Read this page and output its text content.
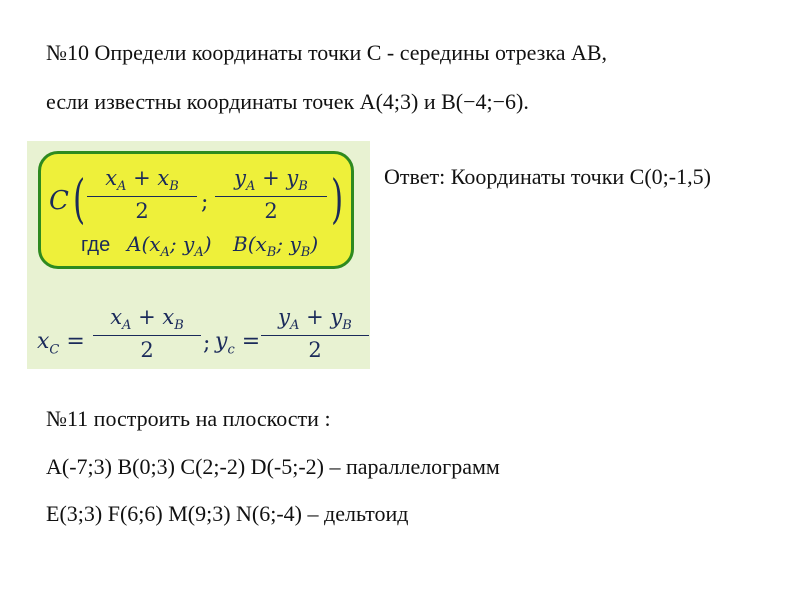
№10 Определи координаты точки С - середины отрезка АВ,
если известны координаты точек А(4;3) и В(−4;−6).
C ( $\frac{x_A + x_B}{2}$ ; $\frac{y_A + y_B}{2}$ )
где $A(x_A$; $y_A$) $B(x_B$; $y_B$)
$x_C = \frac{x_A + x_B}{2}$ ; $y_c = \frac{y_A + y_B}{2}$
Ответ: Координаты точки С(0;-1,5)
№11 построить на плоскости :
A(-7;3) B(0;3) C(2;-2) D(-5;-2) – параллелограмм
E(3;3) F(6;6) M(9;3) N(6;-4) – дельтоид
